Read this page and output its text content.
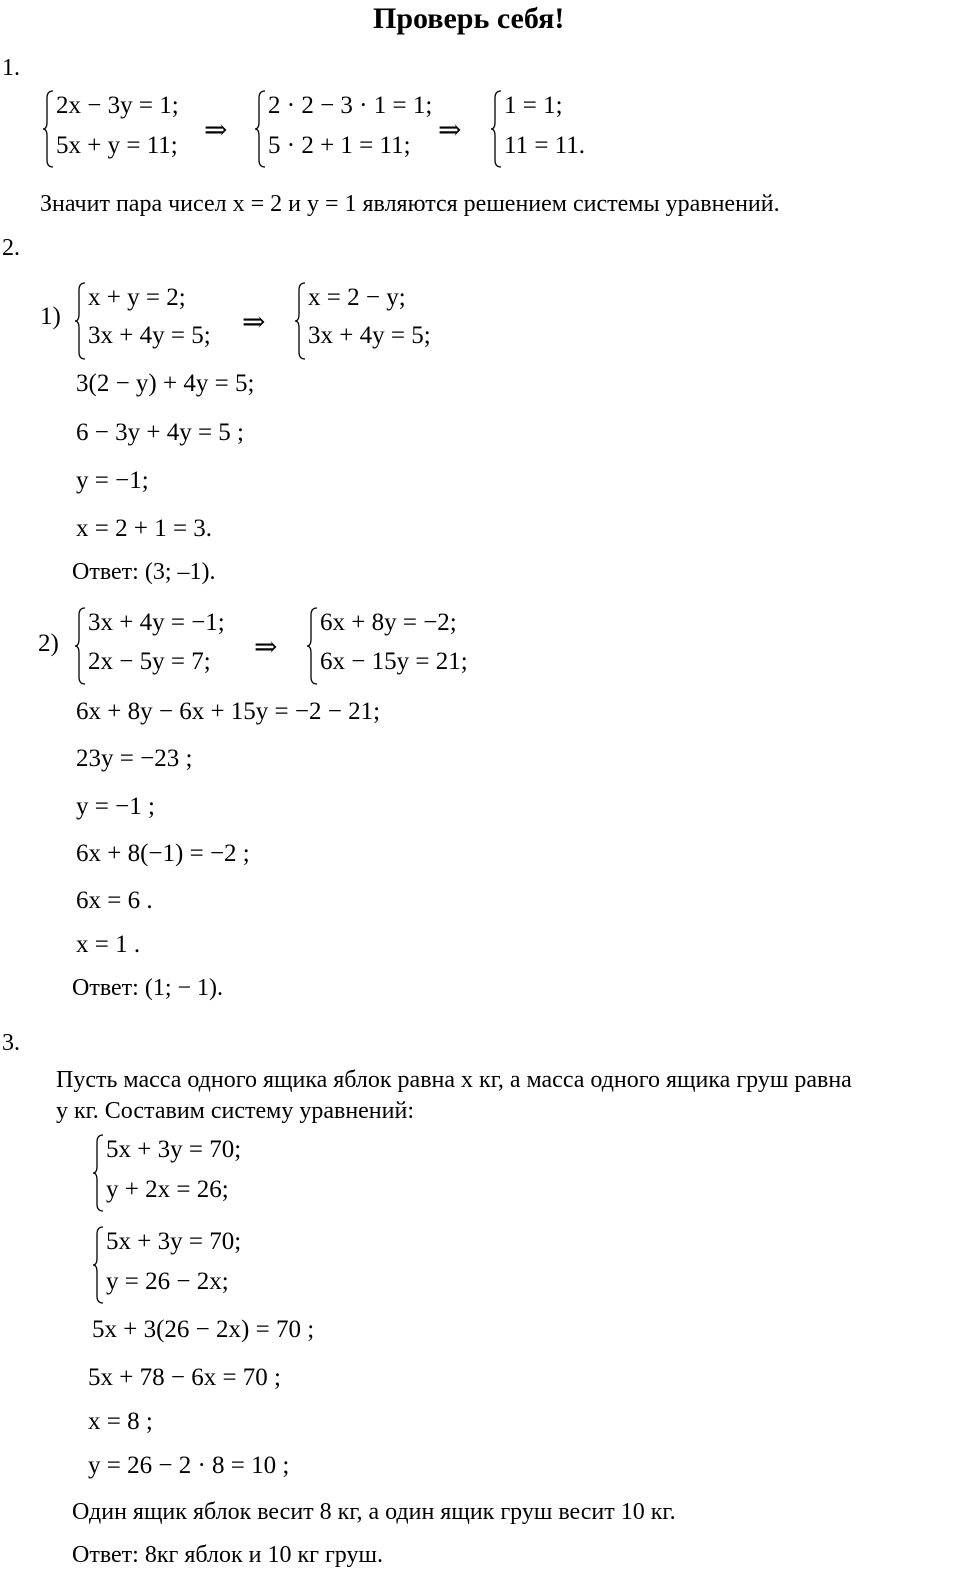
Проверь себя!
1.
2x − 3y = 1;
5x + y = 11; ⇒
2 · 2 − 3 · 1 = 1;
5 · 2 + 1 = 11; ⇒
1 = 1;
11 = 11.
Значит пара чисел x = 2 и y = 1 являются решением системы уравнений.
2.
1)
x + y = 2;
3x + 4y = 5; ⇒
x = 2 − y;
3x + 4y = 5;
3(2 − y) + 4y = 5;
6 − 3y + 4y = 5 ;
y = −1;
x = 2 + 1 = 3.
Ответ: (3; –1).
2)
3x + 4y = −1;
2x − 5y = 7; ⇒
6x + 8y = −2;
6x − 15y = 21;
6x + 8y − 6x + 15y = −2 − 21;
23y = −23 ;
y = −1 ;
6x + 8(−1) = −2 ;
6x = 6 .
x = 1 .
Ответ: (1; − 1).
3.
Пусть масса одного ящика яблок равна x кг, а масса одного ящика груш равна
y кг. Составим систему уравнений:
5x + 3y = 70;
y + 2x = 26;
5x + 3y = 70;
y = 26 − 2x;
5x + 3(26 − 2x) = 70 ;
5x + 78 − 6x = 70 ;
x = 8 ;
y = 26 − 2 · 8 = 10 ;
Один ящик яблок весит 8 кг, а один ящик груш весит 10 кг.
Ответ: 8кг яблок и 10 кг груш.
